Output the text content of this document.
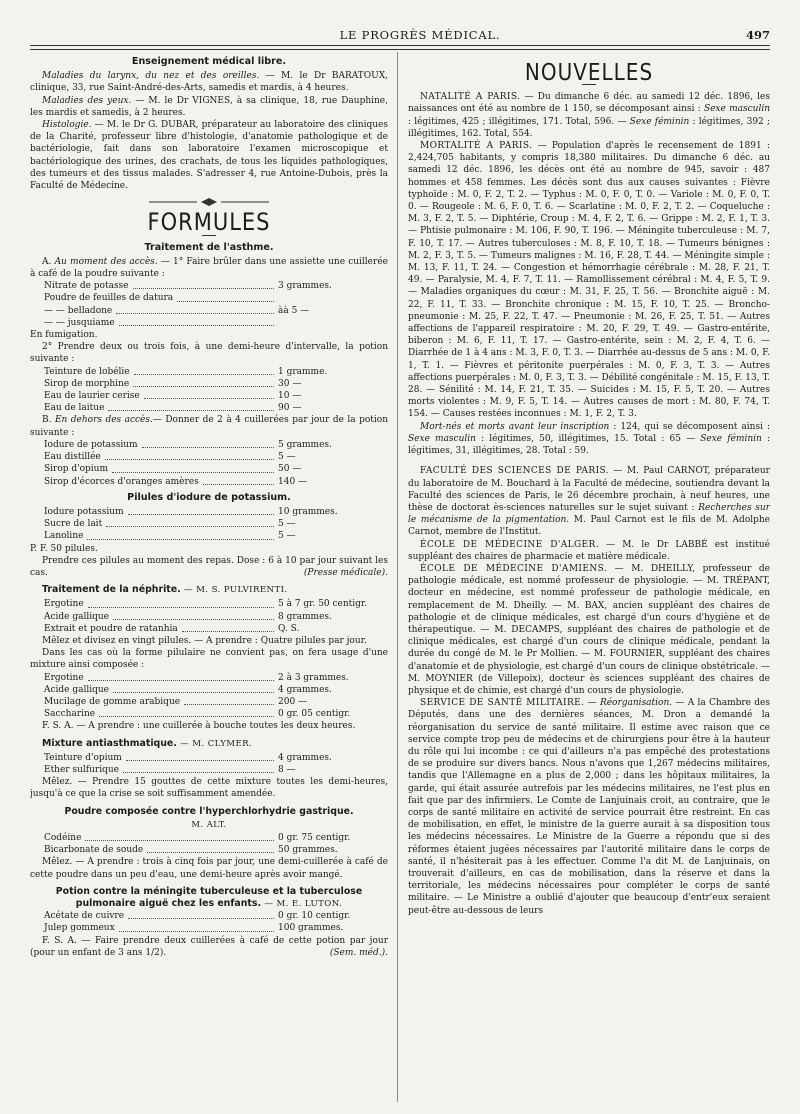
LE PROGRÈS MÉDICAL.	497
Enseignement médical libre.

Maladies du larynx, du nez et des oreilles. — M. le Dr BARATOUX, clinique, 33, rue Saint-André-des-Arts, samedis et mardis, à 4 heures.

Maladies des yeux. — M. le Dr VIGNES, à sa clinique, 18, rue Dauphine, les mardis et samedis, à 2 heures.

Histologie. — M. le Dr G. DUBAR, préparateur au laboratoire des cliniques de la Charité, professeur libre d'histologie, d'anatomie pathologique et de bactériologie, fait dans son laboratoire l'examen microscopique et bactériologique des urines, des crachats, de tous les liquides pathologiques, des tumeurs et des tissus malades. S'adresser 4, rue Antoine-Dubois, près la Faculté de Médecine.

FORMULES
Traitement de l'asthme.

A. Au moment des accès. — 1° Faire brûler dans une assiette une cuillerée à café de la poudre suivante :

Nitrate de potasse	3 grammes.
Poudre de feuilles de datura
— — belladone	àà 5 —
— — jusquiame

En fumigation.

2° Prendre deux ou trois fois, à une demi-heure d'intervalle, la potion suivante :

Teinture de lobélie	1 gramme.
Sirop de morphine	30 —
Eau de laurier cerise	10 —
Eau de laitue	90 —

B. En dehors des accès.— Donner de 2 à 4 cuillerées par jour de la potion suivante :

Iodure de potassium	5 grammes.
Eau distillée	5 —
Sirop d'opium	50 —
Sirop d'écorces d'oranges amères	140 —
Pilules d'iodure de potassium.
Iodure potassium	10 grammes.
Sucre de lait	5 —
Lanoline	5 —

P. F. 50 pilules.

Prendre ces pilules au moment des repas. Dose : 6 à 10 par jour suivant les cas.	(Presse médicale).

Traitement de la néphrite. — M. S. PULVIRENTI.
Ergotine	5 à 7 gr. 50 centigr.
Acide gallique	8 grammes.
Extrait et poudre de ratanhia	Q. S.

Mêlez et divisez en vingt pilules. — A prendre : Quatre pilules par jour.

Dans les cas où la forme pilulaire ne convient pas, on fera usage d'une mixture ainsi composée :

Ergotine	2 à 3 grammes.
Acide gallique	4 grammes.
Mucilage de gomme arabique	200 —
Saccharine	0 gr. 05 centigr.

F. S. A. — A prendre : une cuillerée à bouche toutes les deux heures.

Mixture antiasthmatique. — M. CLYMER.
Teinture d'opium	4 grammes.
Ether sulfurique	8 —

Mêlez. — Prendre 15 gouttes de cette mixture toutes les demi-heures, jusqu'à ce que la crise se soit suffisamment amendée.

Poudre composée contre l'hyperchlorhydrie gastrique.
M. ALT.
Codéine	0 gr. 75 centigr.
Bicarbonate de soude	50 grammes.

Mêlez. — A prendre : trois à cinq fois par jour, une demi-cuillerée à café de cette poudre dans un peu d'eau, une demi-heure après avoir mangé.

Potion contre la méningite tuberculeuse et la tuberculose pulmonaire aiguë chez les enfants. — M. E. LUTON.
Acétate de cuivre	0 gr. 10 centigr.
Julep gommeux	100 grammes.

F. S. A. — Faire prendre deux cuillerées à café de cette potion par jour (pour un enfant de 3 ans 1/2).	(Sem. méd.).

NOUVELLES

NATALITÉ A PARIS. — Du dimanche 6 déc. au samedi 12 déc. 1896, les naissances ont été au nombre de 1 150, se décomposant ainsi : Sexe masculin : légitimes, 425 ; illégitimes, 171. Total, 596. — Sexe féminin : légitimes, 392 ; illégitimes, 162. Total, 554.

MORTALITÉ A PARIS. — Population d'après le recensement de 1891 : 2,424,705 habitants, y compris 18,380 militaires. Du dimanche 6 déc. au samedi 12 déc. 1896, les décès ont été au nombre de 945, savoir : 487 hommes et 458 femmes. Les décès sont dus aux causes suivantes : Fièvre typhoïde : M. 0, F. 2, T. 2. — Typhus : M. 0, F. 0, T. 0. — Variole : M. 0, F. 0, T. 0. — Rougeole : M. 6, F. 0, T. 6. — Scarlatine : M. 0, F. 2, T. 2. — Coqueluche : M. 3, F. 2, T. 5. — Diphtérie, Croup : M. 4, F. 2, T. 6. — Grippe : M. 2, F. 1, T. 3. — Phtisie pulmonaire : M. 106, F. 90, T. 196. — Méningite tuberculeuse : M. 7, F. 10, T. 17. — Autres tuberculoses : M. 8, F. 10, T. 18. — Tumeurs bénignes : M. 2, F. 3, T. 5. — Tumeurs malignes : M. 16, F. 28, T. 44. — Méningite simple : M. 13, F. 11, T. 24. — Congestion et hémorrhagie cérébrale : M. 28, F. 21, T. 49. — Paralysie, M. 4, F. 7, T. 11. — Ramollissement cérébral : M. 4, F. 5, T. 9. — Maladies organiques du cœur : M. 31, F. 25, T. 56. — Bronchite aiguë : M. 22, F. 11, T. 33. — Bronchite chronique : M. 15, F. 10, T. 25. — Broncho-pneumonie : M. 25, F. 22, T. 47. — Pneumonie : M. 26, F. 25, T. 51. — Autres affections de l'appareil respiratoire : M. 20, F. 29, T. 49. — Gastro-entérite, biberon : M. 6, F. 11, T. 17. — Gastro-entérite, sein : M. 2, F. 4, T. 6. — Diarrhée de 1 à 4 ans : M. 3, F. 0, T. 3. — Diarrhée au-dessus de 5 ans : M. 0, F. 1, T. 1. — Fièvres et péritonite puerpérales : M. 0, F. 3, T. 3. — Autres affections puerpérales : M. 0, F. 3, T. 3. — Débilité congénitale : M. 15, F. 13, T. 28. — Sénilité : M. 14, F. 21, T. 35. — Suicides : M. 15, F. 5, T. 20. — Autres morts violentes : M. 9, F. 5, T. 14. — Autres causes de mort : M. 80, F. 74, T. 154. — Causes restées inconnues : M. 1, F. 2, T. 3.

Mort-nés et morts avant leur inscription : 124, qui se décomposent ainsi : Sexe masculin : légitimes, 50, illégitimes, 15. Total : 65 — Sexe féminin : légitimes, 31, illégitimes, 28. Total : 59.

FACULTÉ DES SCIENCES DE PARIS. — M. Paul CARNOT, préparateur du laboratoire de M. Bouchard à la Faculté de médecine, soutiendra devant la Faculté des sciences de Paris, le 26 décembre prochain, à neuf heures, une thèse de doctorat ès-sciences naturelles sur le sujet suivant : Recherches sur le mécanisme de la pigmentation. M. Paul Carnot est le fils de M. Adolphe Carnot, membre de l'Institut.

ÉCOLE DE MÉDECINE D'ALGER. — M. le Dr LABBÉ est institué suppléant des chaires de pharmacie et matière médicale.

ÉCOLE DE MÉDECINE D'AMIENS. — M. DHEILLY, professeur de pathologie médicale, est nommé professeur de physiologie. — M. TRÉPANT, docteur en médecine, est nommé professeur de pathologie médicale, en remplacement de M. Dheilly. — M. BAX, ancien suppléant des chaires de pathologie et de clinique médicales, est chargé d'un cours d'hygiène et de thérapeutique. — M. DECAMPS, suppléant des chaires de pathologie et de clinique médicales, est chargé d'un cours de clinique médicale, pendant la durée du congé de M. le Pr Mollien. — M. FOURNIER, suppléant des chaires d'anatomie et de physiologie, est chargé d'un cours de clinique obstétricale. — M. MOYNIER (de Villepoix), docteur ès sciences suppléant des chaires de physique et de chimie, est chargé d'un cours de physiologie.

SERVICE DE SANTÉ MILITAIRE. — Réorganisation. — A la Chambre des Députés, dans une des dernières séances, M. Dron a demandé la réorganisation du service de santé militaire. Il estime avec raison que ce service compte trop peu de médecins et de chirurgiens pour être à la hauteur du rôle qui lui incombe : ce qui d'ailleurs n'a pas empêché des protestations de se produire sur divers bancs. Nous n'avons que 1,267 médecins militaires, tandis que l'Allemagne en a plus de 2,000 ; dans les hôpitaux militaires, la garde, qui était assurée autrefois par les médecins militaires, ne l'est plus en fait que par des infirmiers. Le Comte de Lanjuinais croit, au contraire, que le corps de santé militaire en activité de service pourrait être restreint. En cas de mobilisation, en effet, le ministre de la guerre aurait à sa disposition tous les médecins nécessaires. Le Ministre de la Guerre a répondu que si des réformes étaient jugées nécessaires par l'autorité militaire dans le corps de santé, il n'hésiterait pas à les effectuer. Comme l'a dit M. de Lanjuinais, on trouverait d'ailleurs, en cas de mobilisation, dans la réserve et dans la territoriale, les médecins nécessaires pour compléter le corps de santé militaire. — Le Ministre a oublié d'ajouter que beaucoup d'entr'eux seraient peut-être au-dessous de leurs
